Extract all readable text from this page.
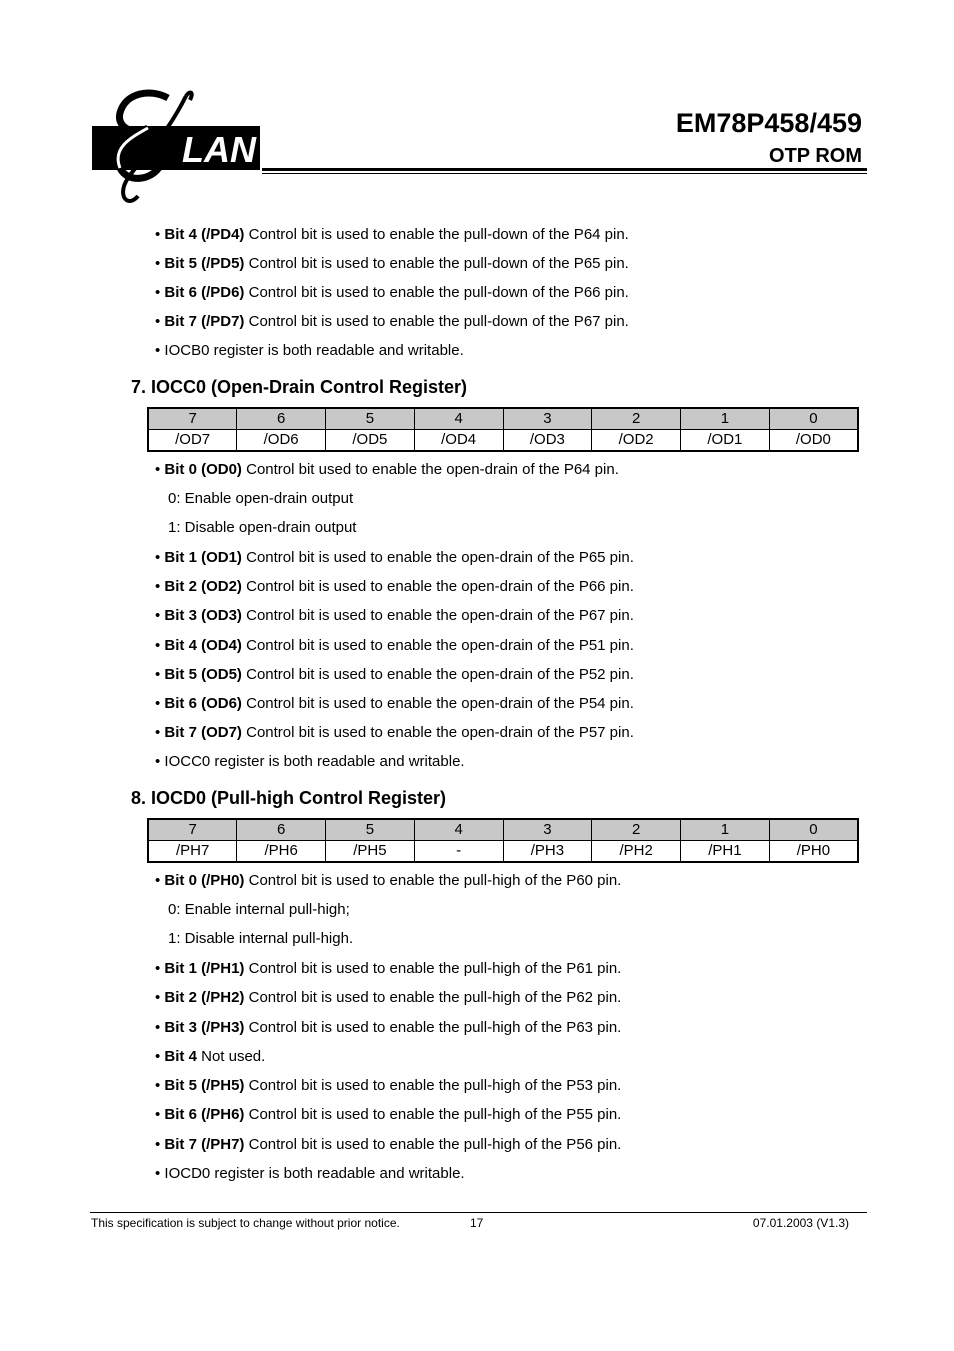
LAN
EM78P458/459
OTP ROM
• Bit 4 (/PD4) Control bit is used to enable the pull-down of the P64 pin.
• Bit 5 (/PD5) Control bit is used to enable the pull-down of the P65 pin.
• Bit 6 (/PD6) Control bit is used to enable the pull-down of the P66 pin.
• Bit 7 (/PD7) Control bit is used to enable the pull-down of the P67 pin.
• IOCB0 register is both readable and writable.
7. IOCC0 (Open-Drain Control Register)
7	6	5	4	3	2	1	0
/OD7	/OD6	/OD5	/OD4	/OD3	/OD2	/OD1	/OD0
• Bit 0 (OD0) Control bit used to enable the open-drain of the P64 pin.
0: Enable open-drain output
1: Disable open-drain output
• Bit 1 (OD1) Control bit is used to enable the open-drain of the P65 pin.
• Bit 2 (OD2) Control bit is used to enable the open-drain of the P66 pin.
• Bit 3 (OD3) Control bit is used to enable the open-drain of the P67 pin.
• Bit 4 (OD4) Control bit is used to enable the open-drain of the P51 pin.
• Bit 5 (OD5) Control bit is used to enable the open-drain of the P52 pin.
• Bit 6 (OD6) Control bit is used to enable the open-drain of the P54 pin.
• Bit 7 (OD7) Control bit is used to enable the open-drain of the P57 pin.
• IOCC0 register is both readable and writable.
8. IOCD0 (Pull-high Control Register)
7	6	5	4	3	2	1	0
/PH7	/PH6	/PH5	-	/PH3	/PH2	/PH1	/PH0
• Bit 0 (/PH0) Control bit is used to enable the pull-high of the P60 pin.
0: Enable internal pull-high;
1: Disable internal pull-high.
• Bit 1 (/PH1) Control bit is used to enable the pull-high of the P61 pin.
• Bit 2 (/PH2) Control bit is used to enable the pull-high of the P62 pin.
• Bit 3 (/PH3) Control bit is used to enable the pull-high of the P63 pin.
• Bit 4 Not used.
• Bit 5 (/PH5) Control bit is used to enable the pull-high of the P53 pin.
• Bit 6 (/PH6) Control bit is used to enable the pull-high of the P55 pin.
• Bit 7 (/PH7) Control bit is used to enable the pull-high of the P56 pin.
• IOCD0 register is both readable and writable.
This specification is subject to change without prior notice.	17	07.01.2003 (V1.3)
